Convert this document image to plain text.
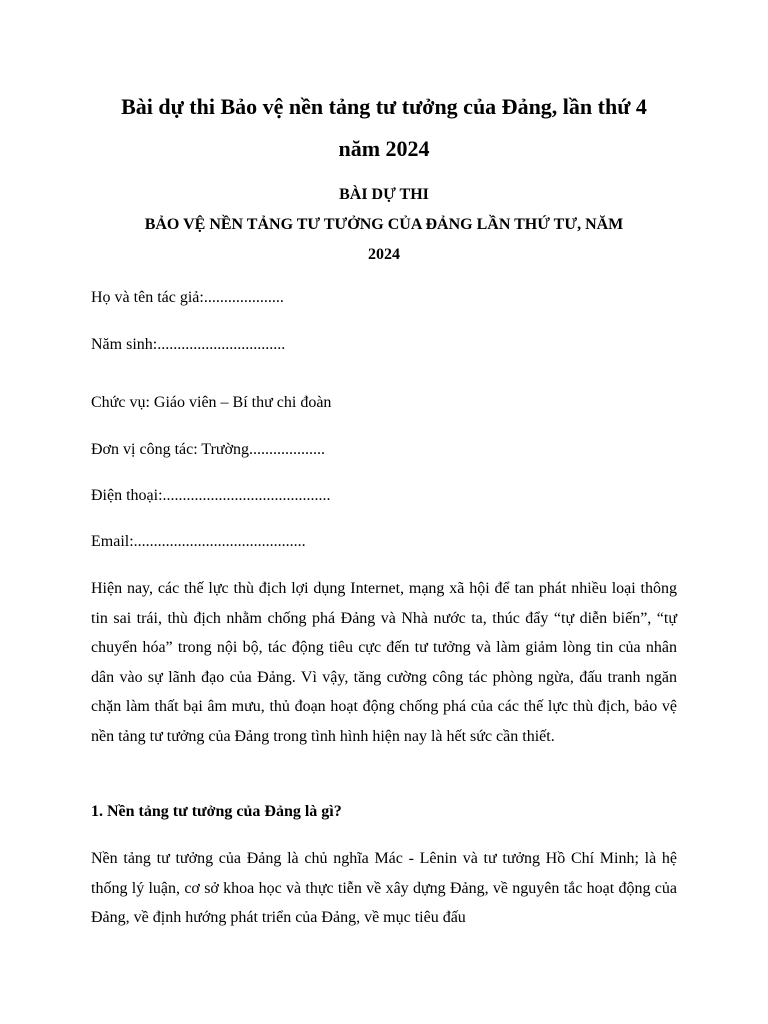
Bài dự thi Bảo vệ nền tảng tư tưởng của Đảng, lần thứ 4
năm 2024
BÀI DỰ THI
BẢO VỆ NỀN TẢNG TƯ TƯỞNG CỦA ĐẢNG LẦN THỨ TƯ, NĂM
2024

Họ và tên tác giả:....................

Năm sinh:................................

Chức vụ: Giáo viên – Bí thư chi đoàn

Đơn vị công tác: Trường...................

Điện thoại:..........................................

Email:...........................................

Hiện nay, các thế lực thù địch lợi dụng Internet, mạng xã hội để tan phát nhiều loại thông tin sai trái, thù địch nhằm chống phá Đảng và Nhà nước ta, thúc đẩy “tự diễn biến”, “tự chuyển hóa” trong nội bộ, tác động tiêu cực đến tư tưởng và làm giảm lòng tin của nhân dân vào sự lãnh đạo của Đảng. Vì vậy, tăng cường công tác phòng ngừa, đấu tranh ngăn chặn làm thất bại âm mưu, thủ đoạn hoạt động chống phá của các thế lực thù địch, bảo vệ nền tảng tư tưởng của Đảng trong tình hình hiện nay là hết sức cần thiết.

1. Nền tảng tư tưởng của Đảng là gì?

Nền tảng tư tưởng của Đảng là chủ nghĩa Mác - Lênin và tư tưởng Hồ Chí Minh; là hệ thống lý luận, cơ sở khoa học và thực tiễn về xây dựng Đảng, về nguyên tắc hoạt động của Đảng, về định hướng phát triển của Đảng, về mục tiêu đấu
